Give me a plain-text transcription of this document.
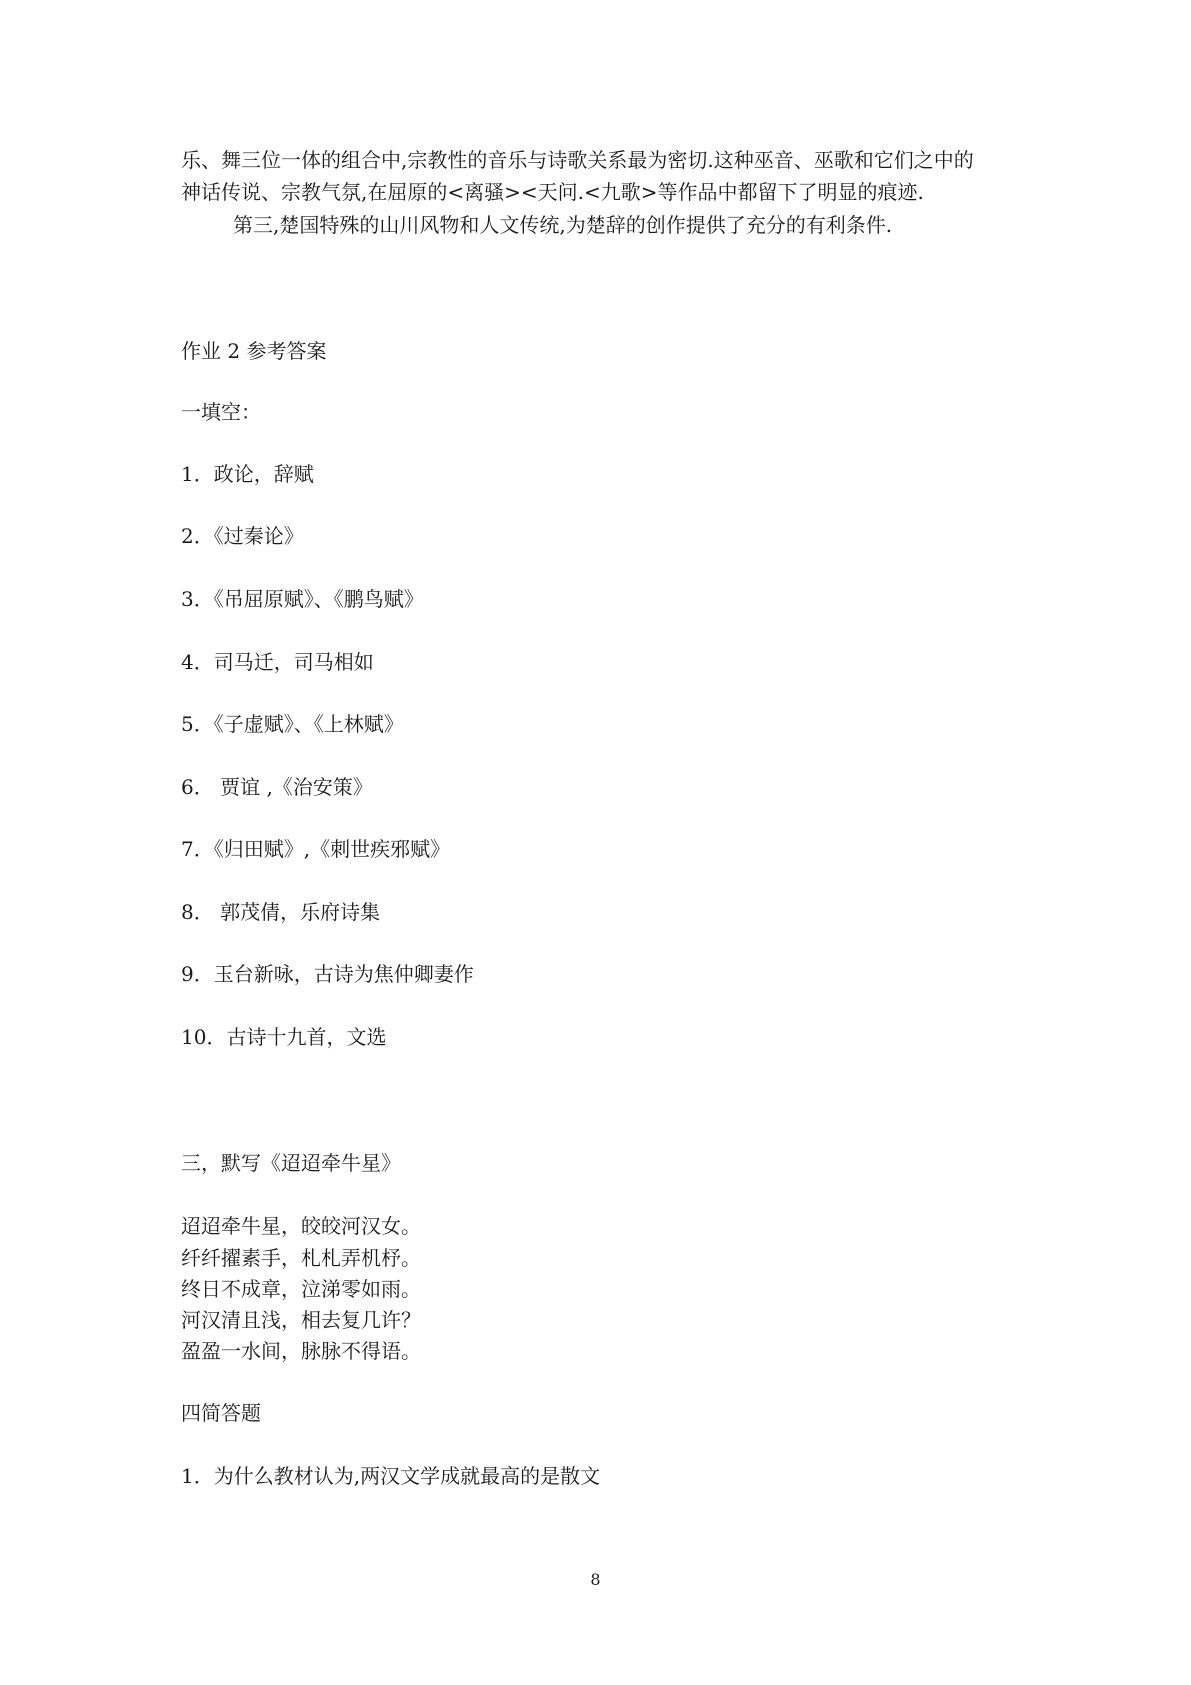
乐、舞三位一体的组合中,宗教性的音乐与诗歌关系最为密切.这种巫音、巫歌和它们之中的
神话传说、宗教气氛,在屈原的<离骚><天问.<九歌>等作品中都留下了明显的痕迹.
第三,楚国特殊的山川风物和人文传统,为楚辞的创作提供了充分的有利条件.
作业 2 参考答案
一填空：
1．政论，辞赋
2．《过秦论》
3．《吊屈原赋》、《鹏鸟赋》
4．司马迁，司马相如
5．《子虚赋》、《上林赋》
6． 贾谊 ,《治安策》
7．《归田赋》,《刺世疾邪赋》
8． 郭茂倩，乐府诗集
9．玉台新咏，古诗为焦仲卿妻作
10．古诗十九首，文选
三，默写《迢迢牵牛星》
迢迢牵牛星，皎皎河汉女。
纤纤擢素手，札札弄机杼。
终日不成章，泣涕零如雨。
河汉清且浅，相去复几许？
盈盈一水间，脉脉不得语。
四简答题
1．为什么教材认为,两汉文学成就最高的是散文
8
